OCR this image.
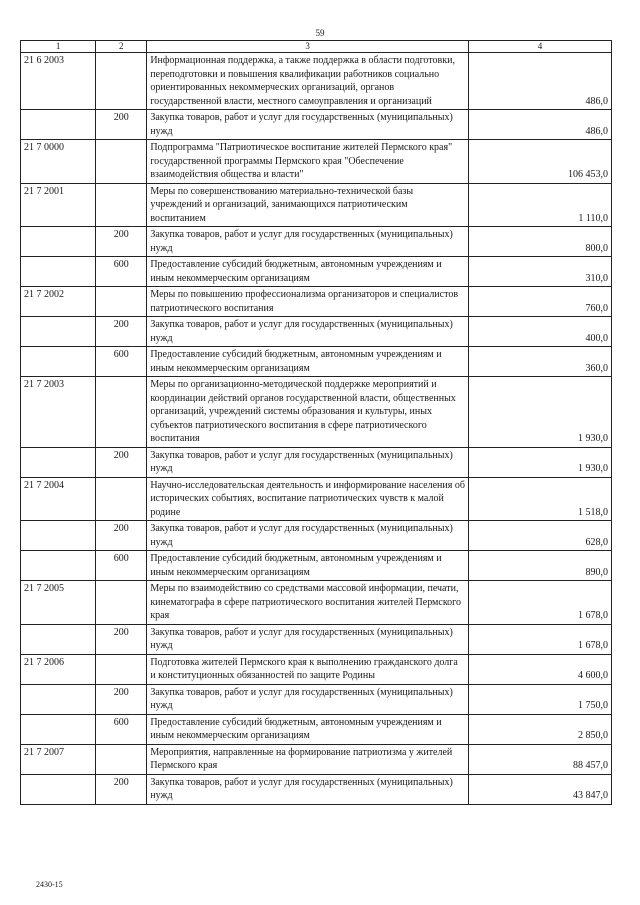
59
1	2	3	4
21 6 2003		Информационная поддержка, а также поддержка в области подготовки, переподготовки и повышения квалификации работников социально ориентированных некоммерческих организаций, органов государственной власти, местного самоуправления и организаций	486,0
	200	Закупка товаров, работ и услуг для государственных (муниципальных) нужд	486,0
21 7 0000		Подпрограмма "Патриотическое воспитание жителей Пермского края" государственной программы Пермского края "Обеспечение взаимодействия общества и власти"	106 453,0
21 7 2001		Меры по совершенствованию материально-технической базы учреждений и организаций, занимающихся патриотическим воспитанием	1 110,0
	200	Закупка товаров, работ и услуг для государственных (муниципальных) нужд	800,0
	600	Предоставление субсидий бюджетным, автономным учреждениям и иным некоммерческим организациям	310,0
21 7 2002		Меры по повышению профессионализма организаторов и специалистов патриотического воспитания	760,0
	200	Закупка товаров, работ и услуг для государственных (муниципальных) нужд	400,0
	600	Предоставление субсидий бюджетным, автономным учреждениям и иным некоммерческим организациям	360,0
21 7 2003		Меры по организационно-методической поддержке мероприятий и координации действий органов государственной власти, общественных организаций, учреждений системы образования и культуры, иных субъектов патриотического воспитания в сфере патриотического воспитания	1 930,0
	200	Закупка товаров, работ и услуг для государственных (муниципальных) нужд	1 930,0
21 7 2004		Научно-исследовательская деятельность и информирование населения об исторических событиях, воспитание патриотических чувств к малой родине	1 518,0
	200	Закупка товаров, работ и услуг для государственных (муниципальных) нужд	628,0
	600	Предоставление субсидий бюджетным, автономным учреждениям и иным некоммерческим организациям	890,0
21 7 2005		Меры по взаимодействию со средствами массовой информации, печати, кинематографа в сфере патриотического воспитания жителей Пермского края	1 678,0
	200	Закупка товаров, работ и услуг для государственных (муниципальных) нужд	1 678,0
21 7 2006		Подготовка жителей Пермского края к выполнению гражданского долга и конституционных обязанностей по защите Родины	4 600,0
	200	Закупка товаров, работ и услуг для государственных (муниципальных) нужд	1 750,0
	600	Предоставление субсидий бюджетным, автономным учреждениям и иным некоммерческим организациям	2 850,0
21 7 2007		Мероприятия, направленные на формирование патриотизма у жителей Пермского края	88 457,0
	200	Закупка товаров, работ и услуг для государственных (муниципальных) нужд	43 847,0
2430-15
